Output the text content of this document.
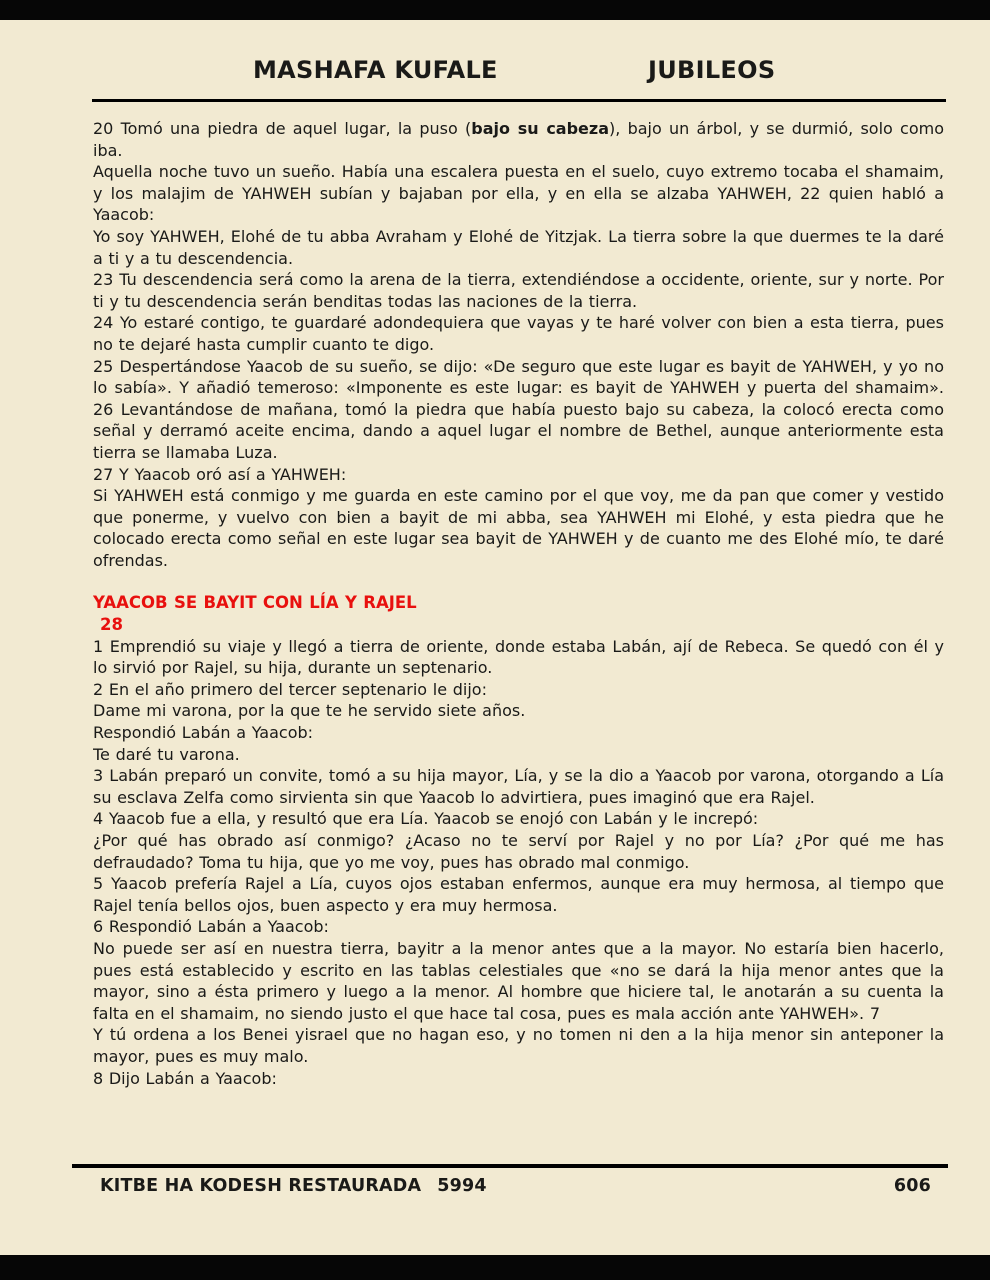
MASHAFA KUFALE	JUBILEOS

20 Tomó una piedra de aquel lugar, la puso (bajo su cabeza), bajo un árbol, y se durmió, solo como iba.

Aquella noche tuvo un sueño. Había una escalera puesta en el suelo, cuyo extremo tocaba el shamaim, y los malajim de YAHWEH subían y bajaban por ella, y en ella se alzaba YAHWEH, 22 quien habló a Yaacob:

Yo soy YAHWEH, Elohé de tu abba Avraham y Elohé de Yitzjak. La tierra sobre la que duermes te la daré a ti y a tu descendencia.

23 Tu descendencia será como la arena de la tierra, extendiéndose a occidente, oriente, sur y norte. Por ti y tu descendencia serán benditas todas las naciones de la tierra.

24 Yo estaré contigo, te guardaré adondequiera que vayas y te haré volver con bien a esta tierra, pues no te dejaré hasta cumplir cuanto te digo.

25 Despertándose Yaacob de su sueño, se dijo: «De seguro que este lugar es bayit de YAHWEH, y yo no lo sabía». Y añadió temeroso: «Imponente es este lugar: es bayit de YAHWEH y puerta del shamaim». 26 Levantándose de mañana, tomó la piedra que había puesto bajo su cabeza, la colocó erecta como señal y derramó aceite encima, dando a aquel lugar el nombre de Bethel, aunque anteriormente esta tierra se llamaba Luza.

27 Y Yaacob oró así a YAHWEH:

Si YAHWEH está conmigo y me guarda en este camino por el que voy, me da pan que comer y vestido que ponerme, y vuelvo con bien a bayit de mi abba, sea YAHWEH mi Elohé, y esta piedra que he colocado erecta como señal en este lugar sea bayit de YAHWEH y de cuanto me des Elohé mío, te daré ofrendas.

YAACOB SE BAYIT CON LÍA Y RAJEL
28

1 Emprendió su viaje y llegó a tierra de oriente, donde estaba Labán, ají de Rebeca. Se quedó con él y lo sirvió por Rajel, su hija, durante un septenario.

2 En el año primero del tercer septenario le dijo:

Dame mi varona, por la que te he servido siete años.

Respondió Labán a Yaacob:

Te daré tu varona.

3 Labán preparó un convite, tomó a su hija mayor, Lía, y se la dio a Yaacob por varona, otorgando a Lía su esclava Zelfa como sirvienta sin que Yaacob lo advirtiera, pues imaginó que era Rajel.

4 Yaacob fue a ella, y resultó que era Lía. Yaacob se enojó con Labán y le increpó:

¿Por qué has obrado así conmigo? ¿Acaso no te serví por Rajel y no por Lía? ¿Por qué me has defraudado? Toma tu hija, que yo me voy, pues has obrado mal conmigo.

5 Yaacob prefería Rajel a Lía, cuyos ojos estaban enfermos, aunque era muy hermosa, al tiempo que Rajel tenía bellos ojos, buen aspecto y era muy hermosa.

6 Respondió Labán a Yaacob:

No puede ser así en nuestra tierra, bayitr a la menor antes que a la mayor. No estaría bien hacerlo, pues está establecido y escrito en las tablas celestiales que «no se dará la hija menor antes que la mayor, sino a ésta primero y luego a la menor. Al hombre que hiciere tal, le anotarán a su cuenta la falta en el shamaim, no siendo justo el que hace tal cosa, pues es mala acción ante YAHWEH». 7

Y tú ordena a los Benei yisrael que no hagan eso, y no tomen ni den a la hija menor sin anteponer la mayor, pues es muy malo.

8 Dijo Labán a Yaacob:

KITBE HA KODESH RESTAURADA 5994	606
